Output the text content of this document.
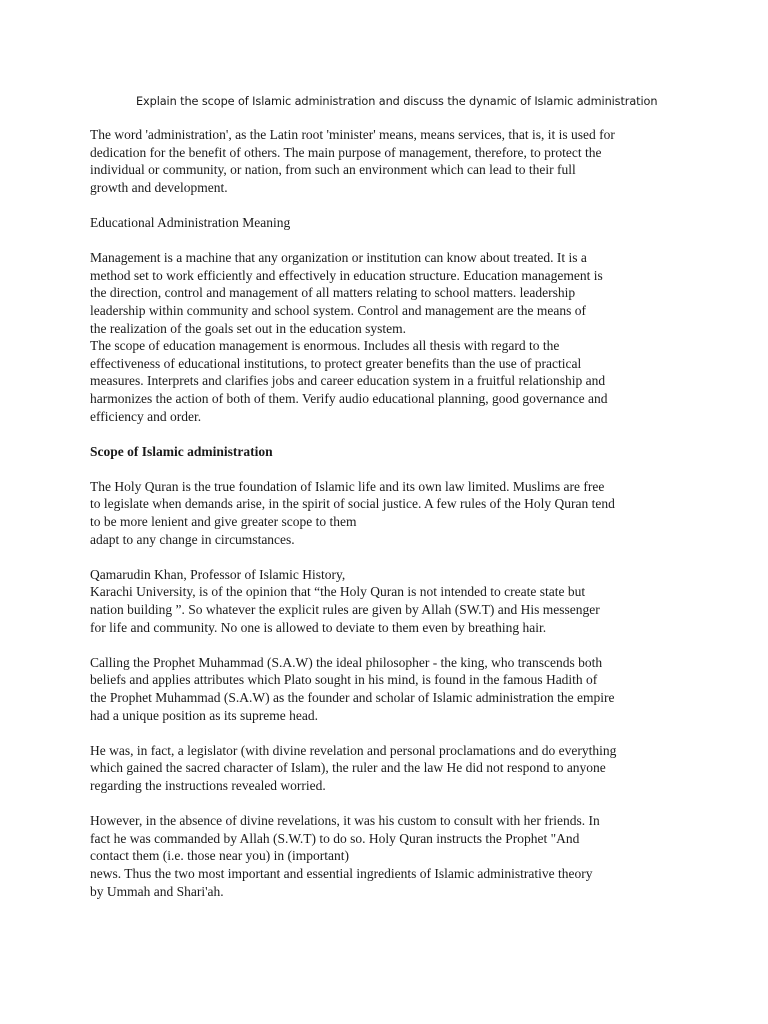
Explain the scope of Islamic administration and discuss the dynamic of Islamic administration
The word 'administration', as the Latin root 'minister' means, means services, that is, it is used for
dedication for the benefit of others. The main purpose of management, therefore, to protect the
individual or community, or nation, from such an environment which can lead to their full
growth and development.
Educational Administration Meaning
Management is a machine that any organization or institution can know about treated. It is a
method set to work efficiently and effectively in education structure. Education management is
the direction, control and management of all matters relating to school matters. leadership
leadership within community and school system. Control and management are the means of
the realization of the goals set out in the education system.
The scope of education management is enormous. Includes all thesis with regard to the
effectiveness of educational institutions, to protect greater benefits than the use of practical
measures. Interprets and clarifies jobs and career education system in a fruitful relationship and
harmonizes the action of both of them. Verify audio educational planning, good governance and
efficiency and order.
Scope of Islamic administration
The Holy Quran is the true foundation of Islamic life and its own law limited. Muslims are free
to legislate when demands arise, in the spirit of social justice. A few rules of the Holy Quran tend
to be more lenient and give greater scope to them
adapt to any change in circumstances.
Qamarudin Khan, Professor of Islamic History,
Karachi University, is of the opinion that “the Holy Quran is not intended to create state but
nation building ”. So whatever the explicit rules are given by Allah (SW.T) and His messenger
for life and community. No one is allowed to deviate to them even by breathing hair.
Calling the Prophet Muhammad (S.A.W) the ideal philosopher - the king, who transcends both
beliefs and applies attributes which Plato sought in his mind, is found in the famous Hadith of
the Prophet Muhammad (S.A.W) as the founder and scholar of Islamic administration the empire
had a unique position as its supreme head.
He was, in fact, a legislator (with divine revelation and personal proclamations and do everything
which gained the sacred character of Islam), the ruler and the law He did not respond to anyone
regarding the instructions revealed worried.
However, in the absence of divine revelations, it was his custom to consult with her friends. In
fact he was commanded by Allah (S.W.T) to do so. Holy Quran instructs the Prophet "And
contact them (i.e. those near you) in (important)
news. Thus the two most important and essential ingredients of Islamic administrative theory
by Ummah and Shari'ah.
